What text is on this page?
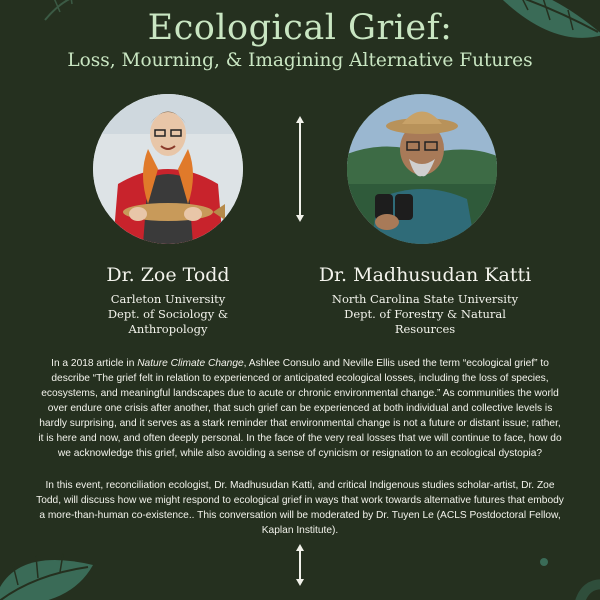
Ecological Grief:
Loss, Mourning, & Imagining Alternative Futures
Dr. Zoe Todd	Dr. Madhusudan Katti
Carleton University
Dept. of Sociology &
Anthropology
North Carolina State University
Dept. of Forestry & Natural
Resources
In a 2018 article in Nature Climate Change, Ashlee Consulo and Neville Ellis used the term “ecological grief” to describe “The grief felt in relation to experienced or anticipated ecological losses, including the loss of species, ecosystems, and meaningful landscapes due to acute or chronic environmental change.” As communities the world over endure one crisis after another, that such grief can be experienced at both individual and collective levels is hardly surprising, and it serves as a stark reminder that environmental change is not a future or distant issue; rather, it is here and now, and often deeply personal. In the face of the very real losses that we will continue to face, how do we acknowledge this grief, while also avoiding a sense of cynicism or resignation to an ecological dystopia?
In this event, reconciliation ecologist, Dr. Madhusudan Katti, and critical Indigenous studies scholar-artist, Dr. Zoe Todd, will discuss how we might respond to ecological grief in ways that work towards alternative futures that embody a more-than-human co-existence.. This conversation will be moderated by Dr. Tuyen Le (ACLS Postdoctoral Fellow, Kaplan Institute).
